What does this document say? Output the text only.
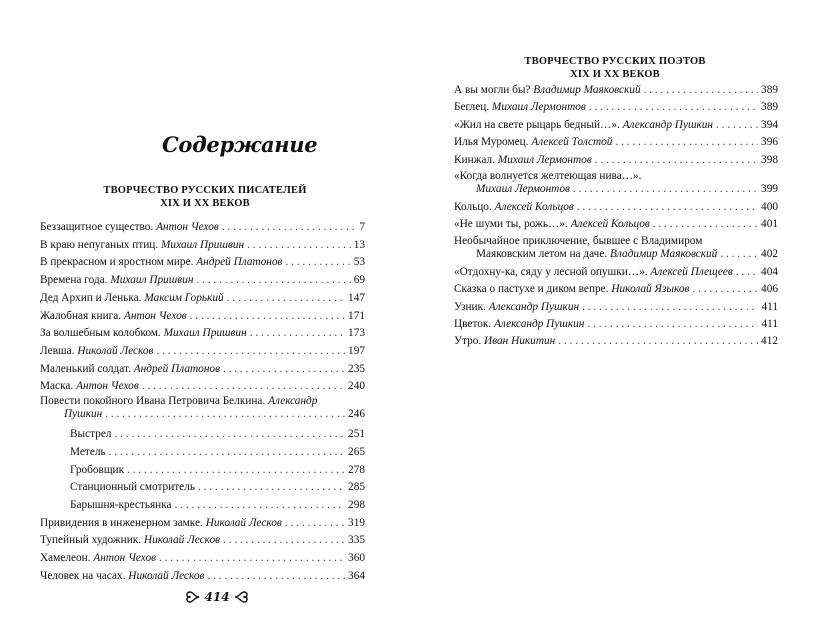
Содержание
ТВОРЧЕСТВО РУССКИХ ПИСАТЕЛЕЙ
XIX И XX ВЕКОВ
Беззащитное существо. Антон Чехов . . .	7
В краю непуганых птиц. Михаил Пришвин . . .	13
В прекрасном и яростном мире. Андрей Платонов . . .	53
Времена года. Михаил Пришвин . . .	69
Дед Архип и Ленька. Максим Горький . . .	147
Жалобная книга. Антон Чехов . . .	171
За волшебным колобком. Михаил Пришвин . . .	173
Левша. Николай Лесков . . .	197
Маленький солдат. Андрей Платонов . . .	235
Маска. Антон Чехов . . .	240
Повести покойного Ивана Петровича Белкина. Александр
Пушкин . . .	246
Выстрел . . .	251
Метель . . .	265
Гробовщик . . .	278
Станционный смотритель . . .	285
Барышня-крестьянка . . .	298
Привидения в инженерном замке. Николай Лесков . . .	319
Тупейный художник. Николай Лесков . . .	335
Хамелеон. Антон Чехов . . .	360
Человек на часах. Николай Лесков . . .	364
414
ТВОРЧЕСТВО РУССКИХ ПОЭТОВ
XIX И XX ВЕКОВ
А вы могли бы? Владимир Маяковский . . .	389
Беглец. Михаил Лермонтов . . .	389
«Жил на свете рыцарь бедный…». Александр Пушкин . . .	394
Илья Муромец. Алексей Толстой . . .	396
Кинжал. Михаил Лермонтов . . .	398
«Когда волнуется желтеющая нива…».
Михаил Лермонтов . . .	399
Кольцо. Алексей Кольцов . . .	400
«Не шуми ты, рожь…». Алексей Кольцов . . .	401
Необычайное приключение, бывшее с Владимиром
Маяковским летом на даче. Владимир Маяковский . . .	402
«Отдохну-ка, сяду у лесной опушки…». Алексей Плещеев . . . 404
Сказка о пастухе и диком вепре. Николай Языков . . .	406
Узник. Александр Пушкин . . .	411
Цветок. Александр Пушкин . . .	411
Утро. Иван Никитин . . .	412
